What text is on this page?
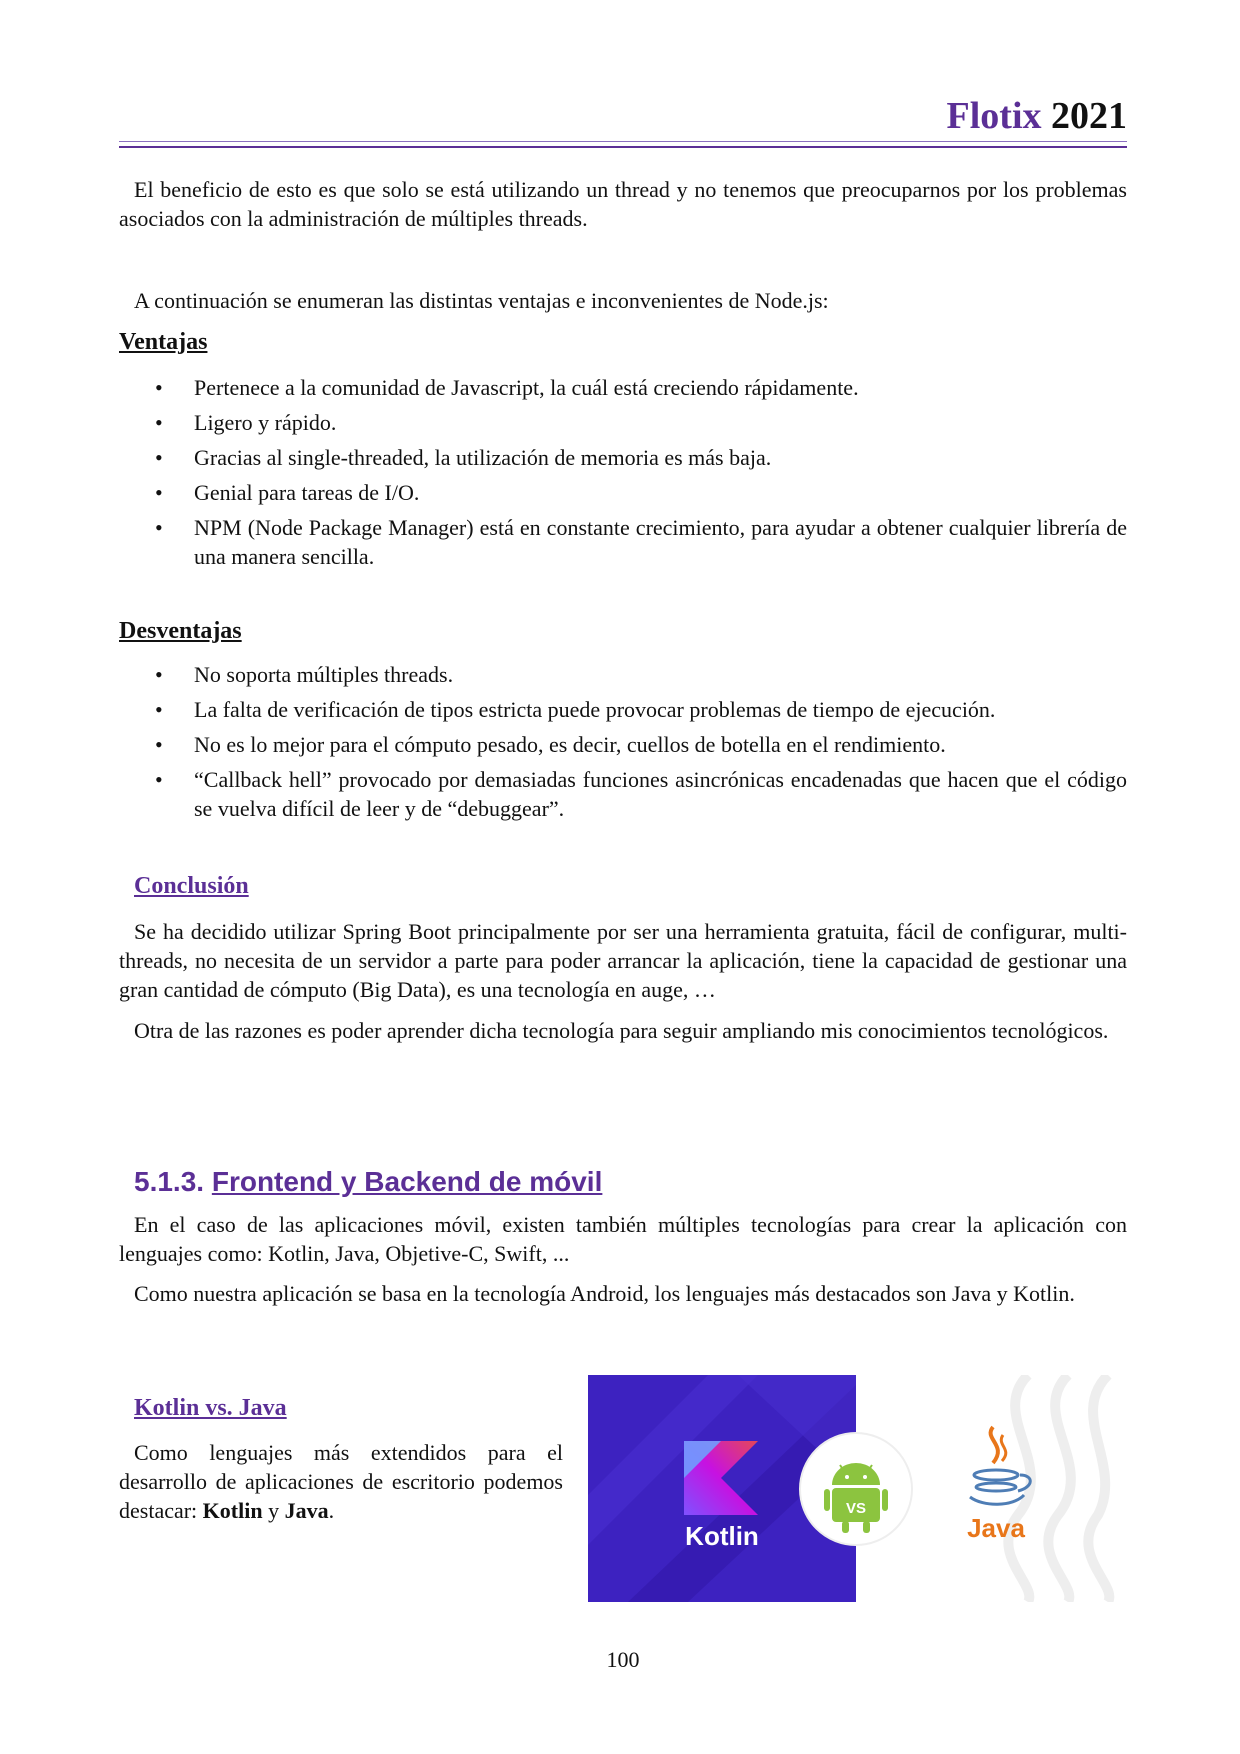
Flotix 2021

El beneficio de esto es que solo se está utilizando un thread y no tenemos que preocuparnos por los problemas asociados con la administración de múltiples threads.

A continuación se enumeran las distintas ventajas e inconvenientes de Node.js:

Ventajas
• Pertenece a la comunidad de Javascript, la cuál está creciendo rápidamente.
• Ligero y rápido.
• Gracias al single-threaded, la utilización de memoria es más baja.
• Genial para tareas de I/O.
• NPM (Node Package Manager) está en constante crecimiento, para ayudar a obtener cualquier librería de una manera sencilla.
Desventajas
• No soporta múltiples threads.
• La falta de verificación de tipos estricta puede provocar problemas de tiempo de ejecución.
• No es lo mejor para el cómputo pesado, es decir, cuellos de botella en el rendimiento.
• “Callback hell” provocado por demasiadas funciones asincrónicas encadenadas que hacen que el código se vuelva difícil de leer y de “debuggear”.
Conclusión

Se ha decidido utilizar Spring Boot principalmente por ser una herramienta gratuita, fácil de configurar, multi-threads, no necesita de un servidor a parte para poder arrancar la aplicación, tiene la capacidad de gestionar una gran cantidad de cómputo (Big Data), es una tecnología en auge, …

Otra de las razones es poder aprender dicha tecnología para seguir ampliando mis conocimientos tecnológicos.

5.1.3. Frontend y Backend de móvil

En el caso de las aplicaciones móvil, existen también múltiples tecnologías para crear la aplicación con lenguajes como: Kotlin, Java, Objetive-C, Swift, ...

Como nuestra aplicación se basa en la tecnología Android, los lenguajes más destacados son Java y Kotlin.

Kotlin vs. Java

Como lenguajes más extendidos para el desarrollo de aplicaciones de escritorio podemos destacar: Kotlin y Java.

Kotlin
VS
Java
100
